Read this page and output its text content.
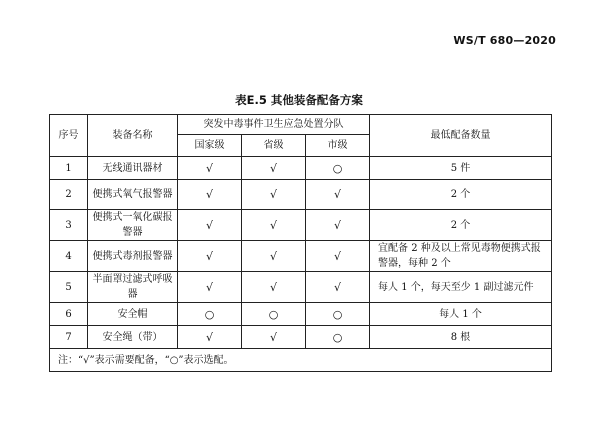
WS/T 680—2020
表E.5 其他装备配备方案
序号	装备名称	突发中毒事件卫生应急处置分队			最低配备数量
		国家级	省级	市级	
1	无线通讯器材	√	√	○	5 件
2	便携式氧气报警器	√	√	√	2 个
3	便携式一氧化碳报警器	√	√	√	2 个
4	便携式毒剂报警器	√	√	√	宜配备 2 种及以上常见毒物便携式报警器，每种 2 个
5	半面罩过滤式呼吸器	√	√	√	每人 1 个，每天至少 1 副过滤元件
6	安全帽	○	○	○	每人 1 个
7	安全绳（带）	√	√	○	8 根
注：“√”表示需要配备，“○”表示选配。					
